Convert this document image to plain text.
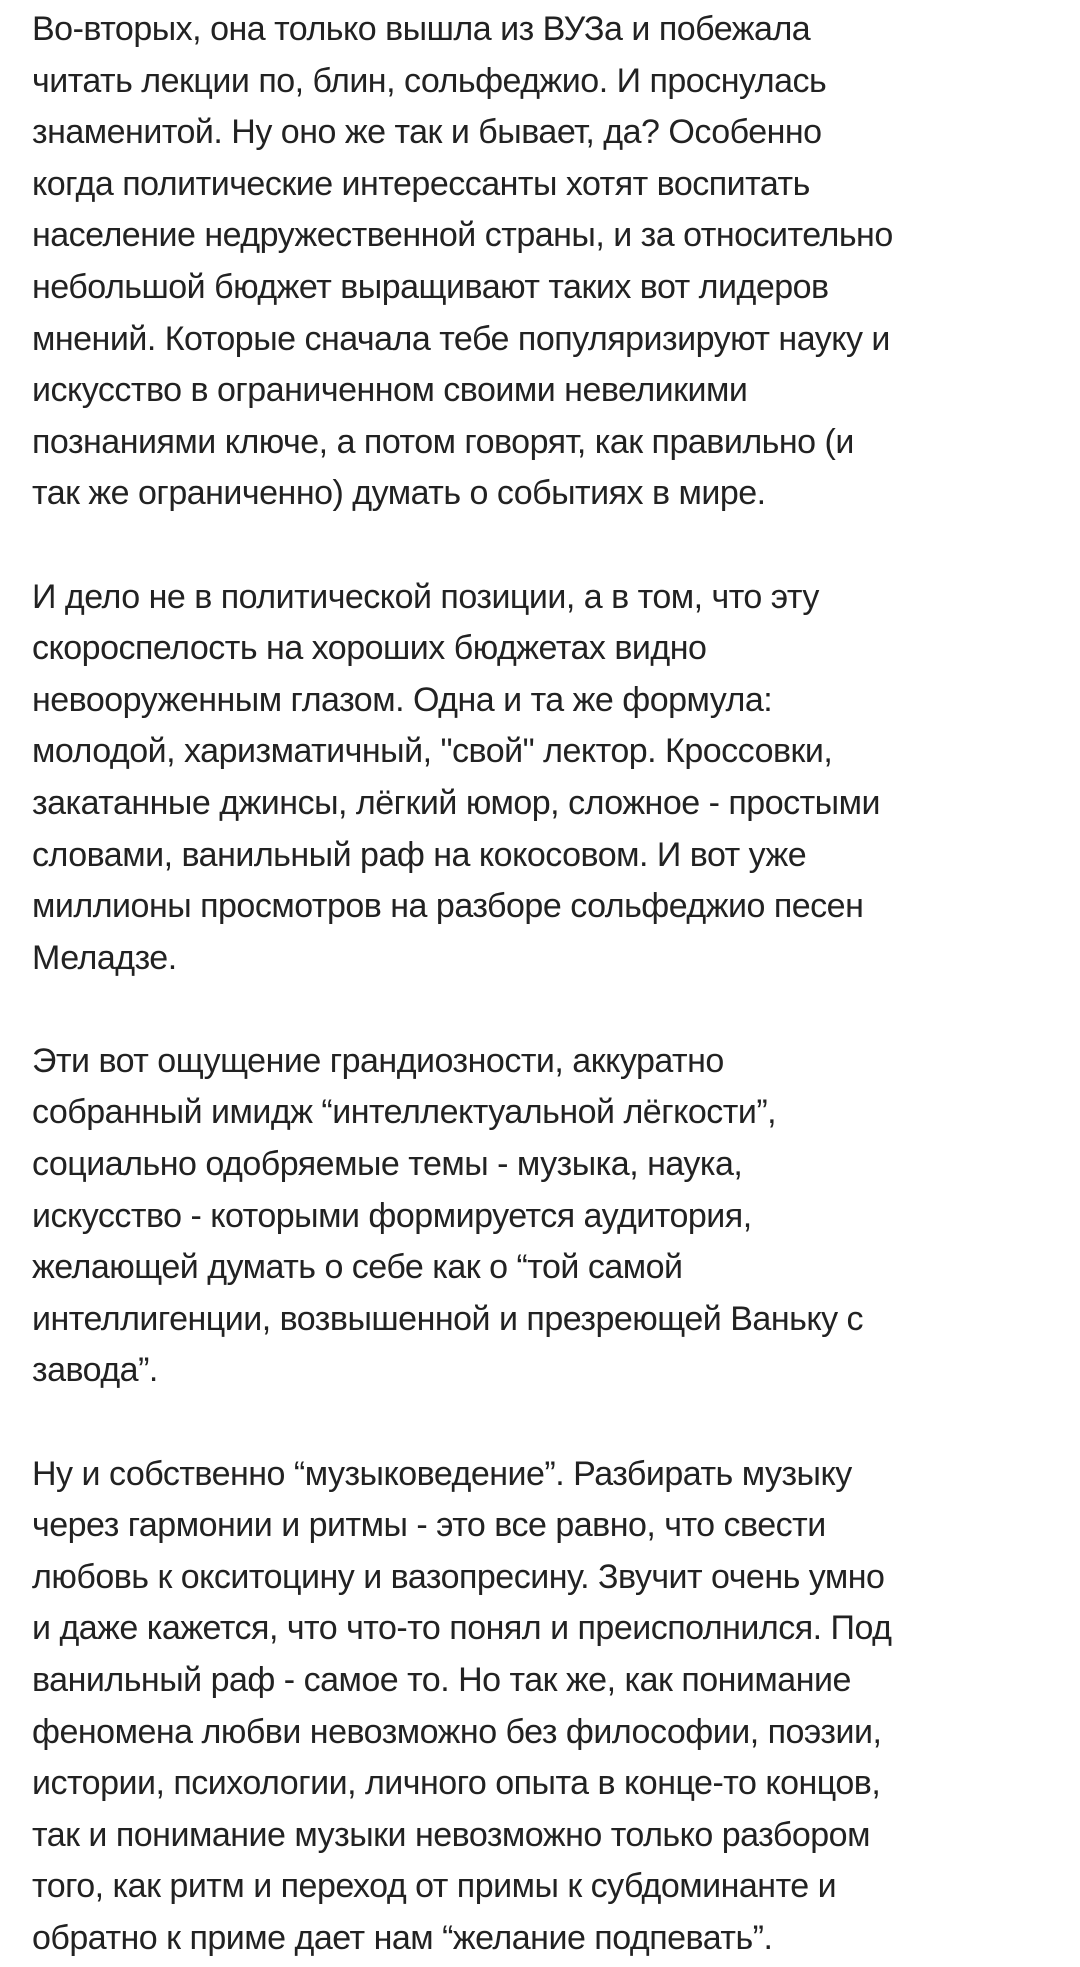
Во-вторых, она только вышла из ВУЗа и побежала
читать лекции по, блин, сольфеджио. И проснулась
знаменитой. Ну оно же так и бывает, да? Особенно
когда политические интерессанты хотят воспитать
население недружественной страны, и за относительно
небольшой бюджет выращивают таких вот лидеров
мнений. Которые сначала тебе популяризируют науку и
искусство в ограниченном своими невеликими
познаниями ключе, а потом говорят, как правильно (и
так же ограниченно) думать о событиях в мире.

И дело не в политической позиции, а в том, что эту
скороспелость на хороших бюджетах видно
невооруженным глазом. Одна и та же формула:
молодой, харизматичный, "свой" лектор. Кроссовки,
закатанные джинсы, лёгкий юмор, сложное - простыми
словами, ванильный раф на кокосовом. И вот уже
миллионы просмотров на разборе сольфеджио песен
Меладзе.

Эти вот ощущение грандиозности, аккуратно
собранный имидж “интеллектуальной лёгкости”,
социально одобряемые темы - музыка, наука,
искусство - которыми формируется аудитория,
желающей думать о себе как о “той самой
интеллигенции, возвышенной и презреющей Ваньку с
завода”.

Ну и собственно “музыковедение”. Разбирать музыку
через гармонии и ритмы - это все равно, что свести
любовь к окситоцину и вазопресину. Звучит очень умно
и даже кажется, что что-то понял и преисполнился. Под
ванильный раф - самое то. Но так же, как понимание
феномена любви невозможно без философии, поэзии,
истории, психологии, личного опыта в конце-то концов,
так и понимание музыки невозможно только разбором
того, как ритм и переход от примы к субдоминанте и
обратно к приме дает нам “желание подпевать”.
